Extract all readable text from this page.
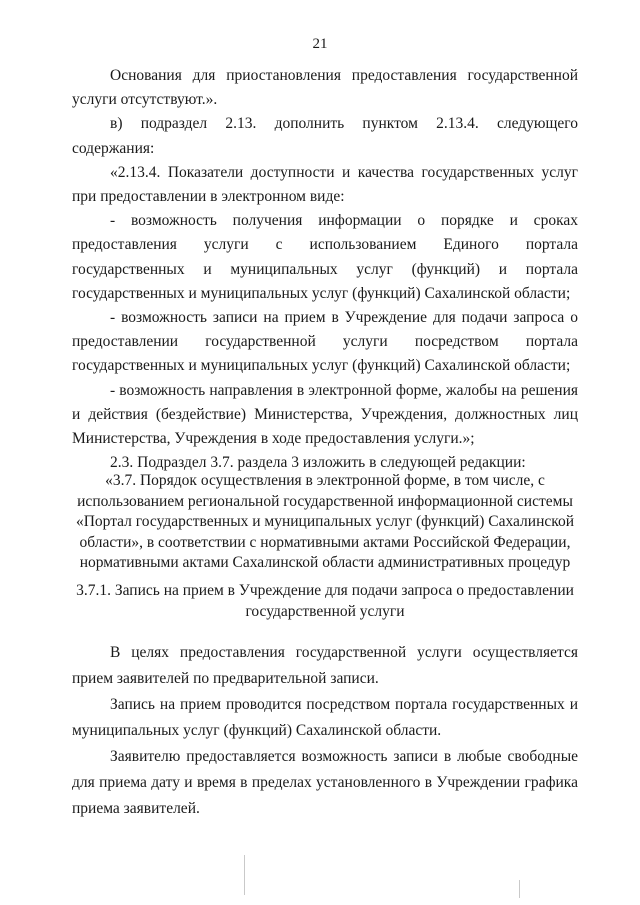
21

Основания для приостановления предоставления государственной услуги отсутствуют.».

в) подраздел 2.13. дополнить пунктом 2.13.4. следующего содержания:

«2.13.4. Показатели доступности и качества государственных услуг при предоставлении в электронном виде:

- возможность получения информации о порядке и сроках предоставления услуги с использованием Единого портала государственных и муниципальных услуг (функций) и портала государственных и муниципальных услуг (функций) Сахалинской области;

- возможность записи на прием в Учреждение для подачи запроса о предоставлении государственной услуги посредством портала государственных и муниципальных услуг (функций) Сахалинской области;

- возможность направления в электронной форме, жалобы на решения и действия (бездействие) Министерства, Учреждения, должностных лиц Министерства, Учреждения в ходе предоставления услуги.»;

2.3. Подраздел 3.7. раздела 3 изложить в следующей редакции:

«3.7. Порядок осуществления в электронной форме, в том числе, с использованием региональной государственной информационной системы «Портал государственных и муниципальных услуг (функций) Сахалинской области», в соответствии с нормативными актами Российской Федерации, нормативными актами Сахалинской области административных процедур

3.7.1. Запись на прием в Учреждение для подачи запроса о предоставлении государственной услуги

В целях предоставления государственной услуги осуществляется прием заявителей по предварительной записи.

Запись на прием проводится посредством портала государственных и муниципальных услуг (функций) Сахалинской области.

Заявителю предоставляется возможность записи в любые свободные для приема дату и время в пределах установленного в Учреждении графика приема заявителей.
